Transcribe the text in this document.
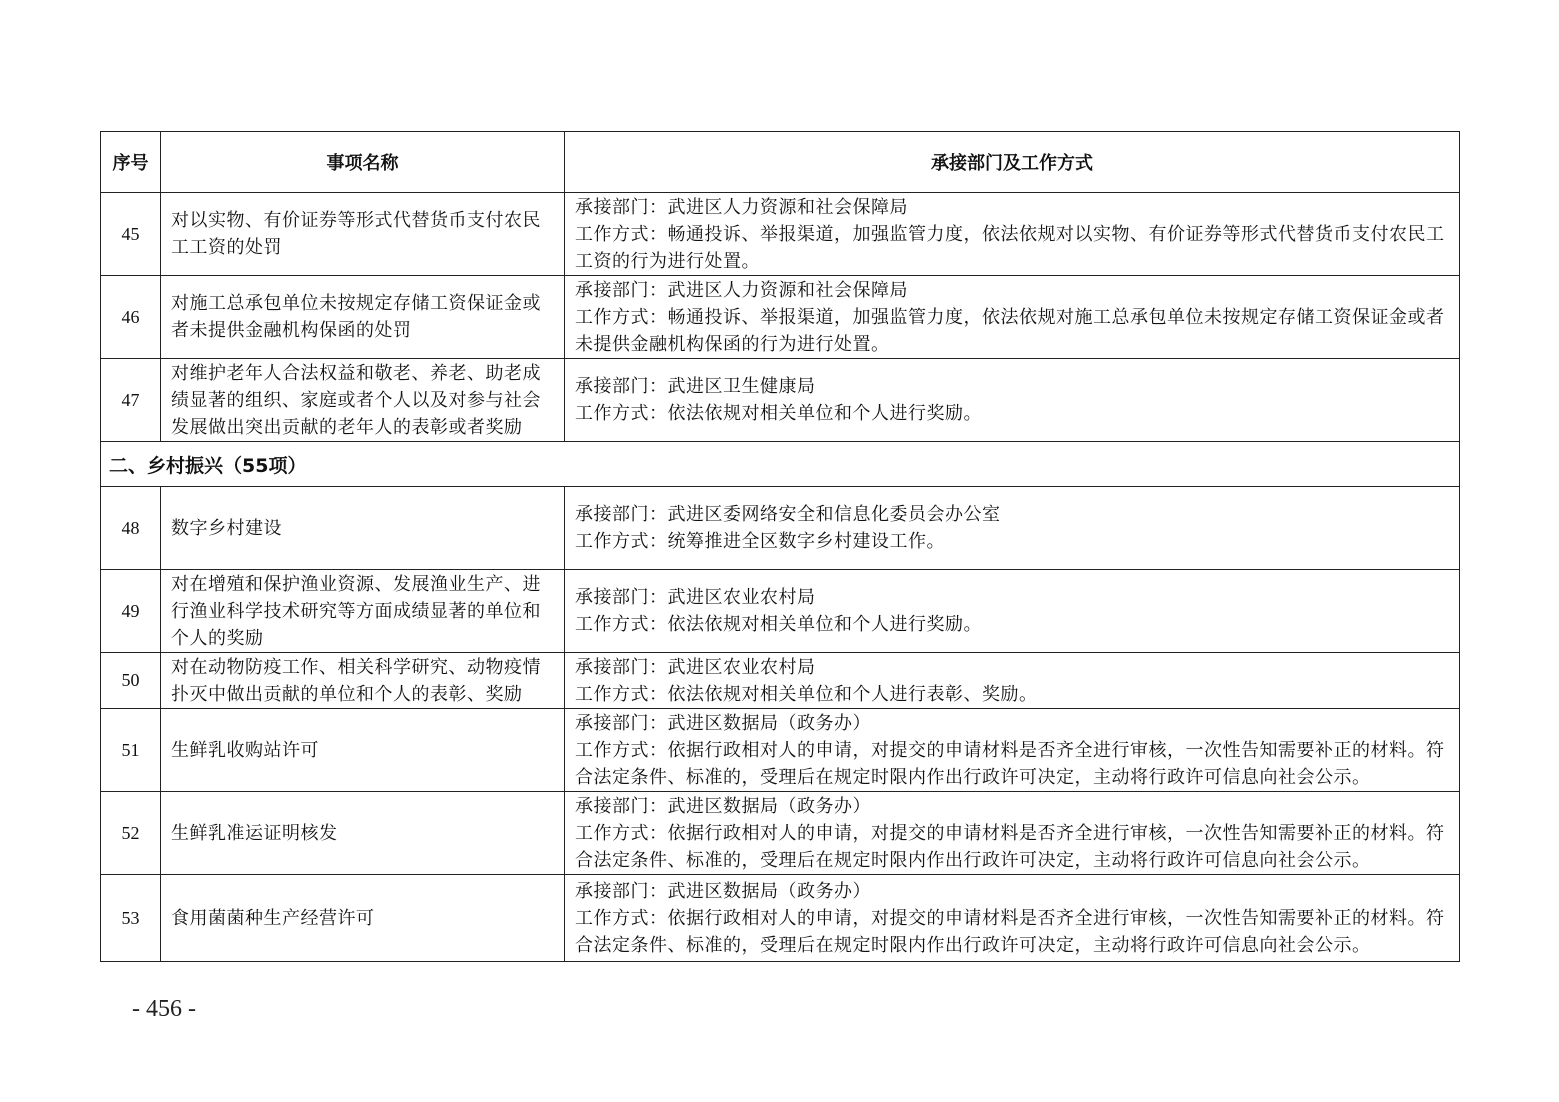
序号	事项名称	承接部门及工作方式
45	对以实物、有价证券等形式代替货币支付农民工工资的处罚	承接部门：武进区人力资源和社会保障局
工作方式：畅通投诉、举报渠道，加强监管力度，依法依规对以实物、有价证券等形式代替货币支付农民工工资的行为进行处置。

46	对施工总承包单位未按规定存储工资保证金或者未提供金融机构保函的处罚	承接部门：武进区人力资源和社会保障局
工作方式：畅通投诉、举报渠道，加强监管力度，依法依规对施工总承包单位未按规定存储工资保证金或者未提供金融机构保函的行为进行处置。

47	对维护老年人合法权益和敬老、养老、助老成绩显著的组织、家庭或者个人以及对参与社会发展做出突出贡献的老年人的表彰或者奖励	承接部门：武进区卫生健康局
工作方式：依法依规对相关单位和个人进行奖励。

二、乡村振兴（55项）		
48	数字乡村建设	承接部门：武进区委网络安全和信息化委员会办公室
工作方式：统筹推进全区数字乡村建设工作。

49	对在增殖和保护渔业资源、发展渔业生产、进行渔业科学技术研究等方面成绩显著的单位和个人的奖励	承接部门：武进区农业农村局
工作方式：依法依规对相关单位和个人进行奖励。

50	对在动物防疫工作、相关科学研究、动物疫情扑灭中做出贡献的单位和个人的表彰、奖励	承接部门：武进区农业农村局
工作方式：依法依规对相关单位和个人进行表彰、奖励。

51	生鲜乳收购站许可	承接部门：武进区数据局（政务办）
工作方式：依据行政相对人的申请，对提交的申请材料是否齐全进行审核，一次性告知需要补正的材料。符合法定条件、标准的，受理后在规定时限内作出行政许可决定，主动将行政许可信息向社会公示。

52	生鲜乳准运证明核发	承接部门：武进区数据局（政务办）
工作方式：依据行政相对人的申请，对提交的申请材料是否齐全进行审核，一次性告知需要补正的材料。符合法定条件、标准的，受理后在规定时限内作出行政许可决定，主动将行政许可信息向社会公示。

53	食用菌菌种生产经营许可	承接部门：武进区数据局（政务办）
工作方式：依据行政相对人的申请，对提交的申请材料是否齐全进行审核，一次性告知需要补正的材料。符合法定条件、标准的，受理后在规定时限内作出行政许可决定，主动将行政许可信息向社会公示。
- 456 -
